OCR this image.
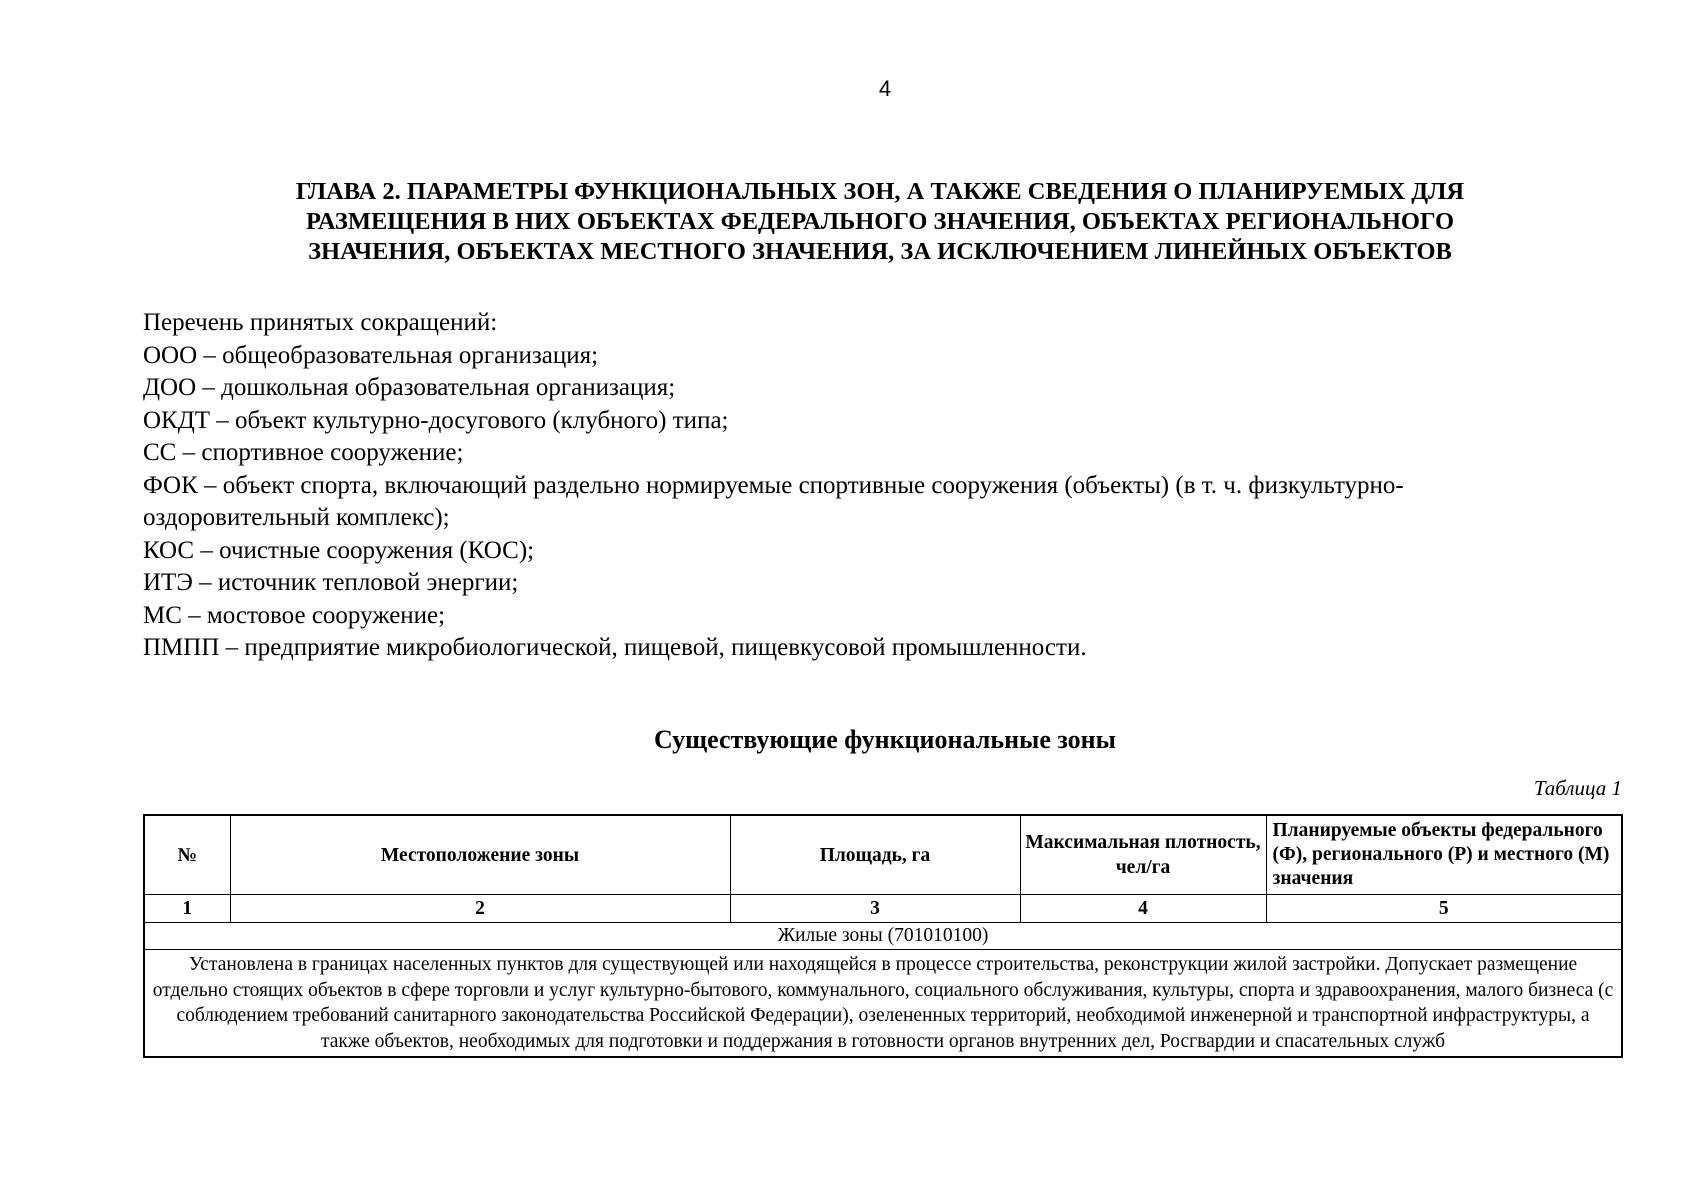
4
ГЛАВА 2. ПАРАМЕТРЫ ФУНКЦИОНАЛЬНЫХ ЗОН, А ТАКЖЕ СВЕДЕНИЯ О ПЛАНИРУЕМЫХ ДЛЯ
РАЗМЕЩЕНИЯ В НИХ ОБЪЕКТАХ ФЕДЕРАЛЬНОГО ЗНАЧЕНИЯ, ОБЪЕКТАХ РЕГИОНАЛЬНОГО
ЗНАЧЕНИЯ, ОБЪЕКТАХ МЕСТНОГО ЗНАЧЕНИЯ, ЗА ИСКЛЮЧЕНИЕМ ЛИНЕЙНЫХ ОБЪЕКТОВ
Перечень принятых сокращений:
ООО – общеобразовательная организация;
ДОО – дошкольная образовательная организация;
ОКДТ – объект культурно-досугового (клубного) типа;
СС – спортивное сооружение;
ФОК – объект спорта, включающий раздельно нормируемые спортивные сооружения (объекты) (в т. ч. физкультурно-
оздоровительный комплекс);
КОС – очистные сооружения (КОС);
ИТЭ – источник тепловой энергии;
МС – мостовое сооружение;
ПМПП – предприятие микробиологической, пищевой, пищевкусовой промышленности.
Существующие функциональные зоны
Таблица 1
№	Местоположение зоны	Площадь, га	Максимальная плотность, чел/га	Планируемые объекты федерального (Ф), регионального (Р) и местного (М) значения
1	2	3	4	5
Жилые зоны (701010100)				
Установлена в границах населенных пунктов для существующей или находящейся в процессе строительства, реконструкции жилой застройки. Допускает размещение отдельно стоящих объектов в сфере торговли и услуг культурно-бытового, коммунального, социального обслуживания, культуры, спорта и здравоохранения, малого бизнеса (с соблюдением требований санитарного законодательства Российской Федерации), озелененных территорий, необходимой инженерной и транспортной инфраструктуры, а также объектов, необходимых для подготовки и поддержания в готовности органов внутренних дел, Росгвардии и спасательных служб				
